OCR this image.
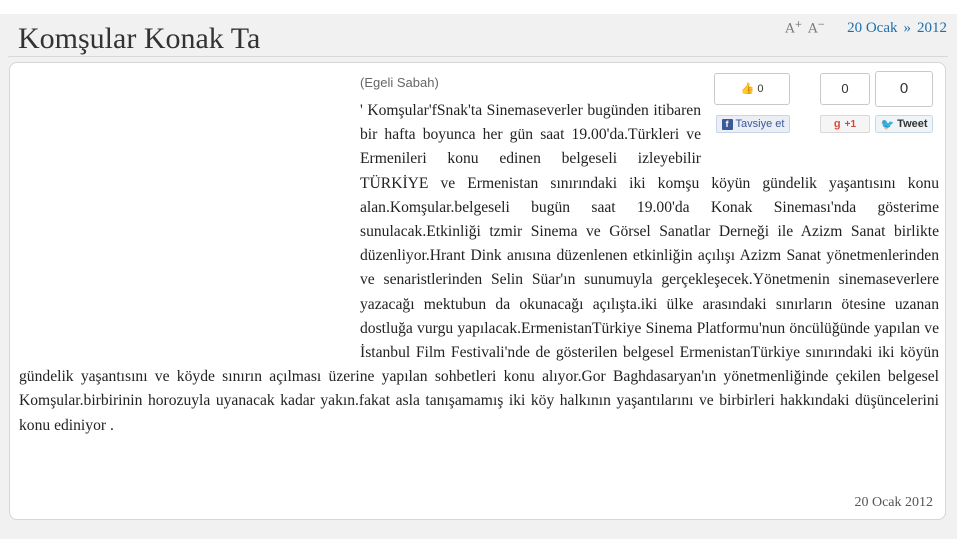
Komşular Konak Ta	A+ A− 20 Ocak » 2012
(Egeli Sabah)	👍 0
f Tavsiye et
0
g +1
0
🐦 Tweet
' Komşular'fSnak'ta Sinemaseverler bugünden itibaren bir hafta boyunca her gün saat 19.00'da.Türkleri ve Ermenileri konu edinen belgeseli izleyebilir TÜRKİYE ve Ermenistan sınırındaki iki komşu köyün gündelik yaşantısını konu alan.Komşular.belgeseli bugün saat 19.00'da Konak Sineması'nda gösterime sunulacak.Etkinliği tzmir Sinema ve Görsel Sanatlar Derneği ile Azizm Sanat birlikte düzenliyor.Hrant Dink anısına düzenlenen etkinliğin açılışı Azizm Sanat yönetmenlerinden ve senaristlerinden Selin Süar'ın sunumuyla gerçekleşecek.Yönetmenin sinemaseverlere yazacağı mektubun da okunacağı açılışta.iki ülke arasındaki sınırların ötesine uzanan dostluğa vurgu yapılacak.ErmenistanTürkiye Sinema Platformu'nun öncülüğünde yapılan ve İstanbul Film Festivali'nde de gösterilen belgesel ErmenistanTürkiye sınırındaki iki köyün gündelik yaşantısını ve köyde sınırın açılması üzerine yapılan sohbetleri konu alıyor.Gor Baghdasaryan'ın yönetmenliğinde çekilen belgesel Komşular.birbirinin horozuyla uyanacak kadar yakın.fakat asla tanışamamış iki köy halkının yaşantılarını ve birbirleri hakkındaki düşüncelerini konu ediniyor .
20 Ocak 2012
